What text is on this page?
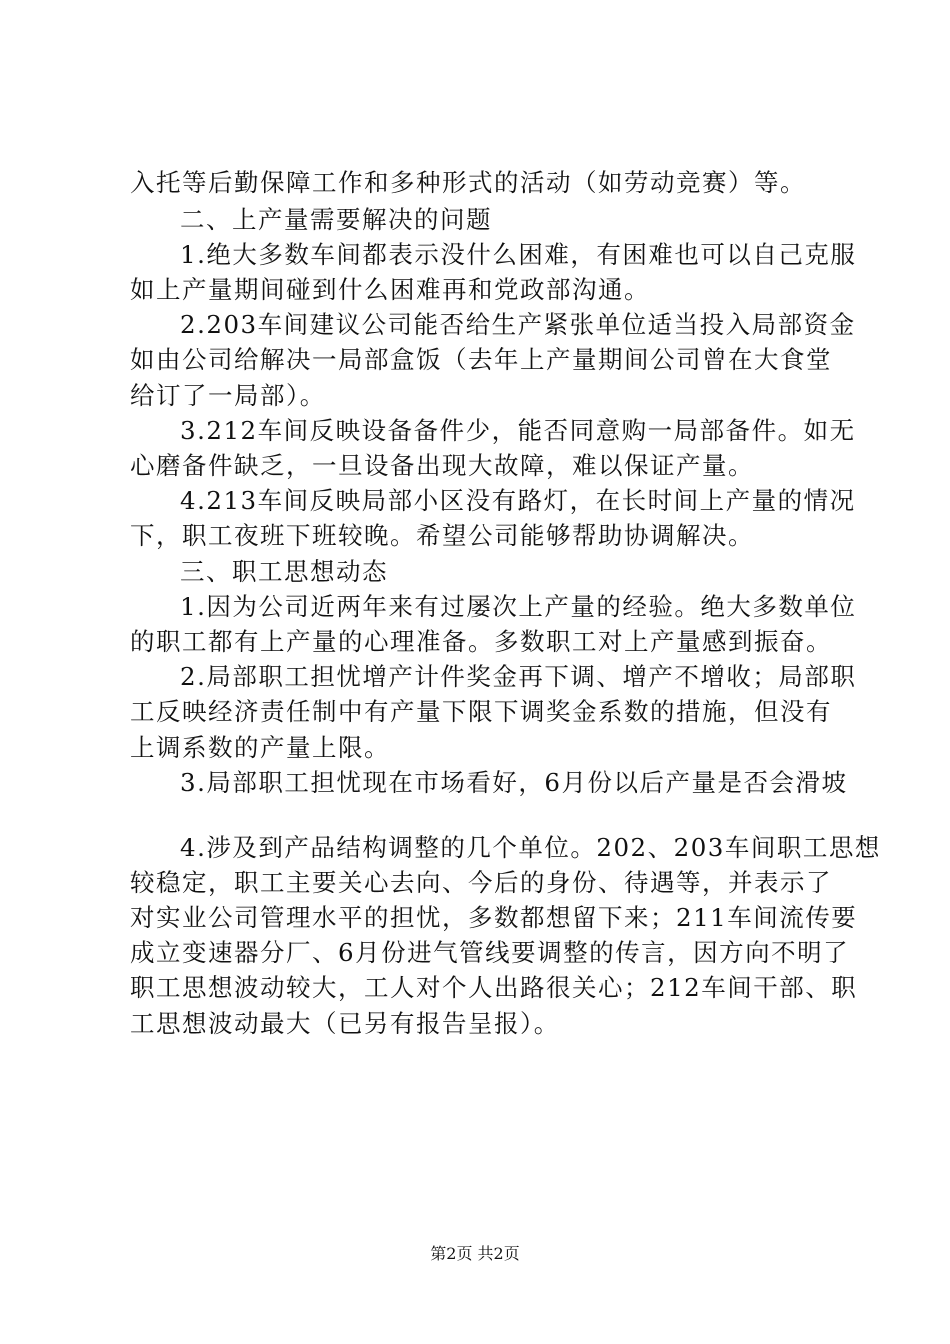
入托等后勤保障工作和多种形式的活动（如劳动竞赛）等。
二、上产量需要解决的问题
1.绝大多数车间都表示没什么困难，有困难也可以自己克服
如上产量期间碰到什么困难再和党政部沟通。
2.203车间建议公司能否给生产紧张单位适当投入局部资金
如由公司给解决一局部盒饭（去年上产量期间公司曾在大食堂
给订了一局部）。
3.212车间反映设备备件少，能否同意购一局部备件。如无
心磨备件缺乏，一旦设备出现大故障，难以保证产量。
4.213车间反映局部小区没有路灯，在长时间上产量的情况
下，职工夜班下班较晚。希望公司能够帮助协调解决。
三、职工思想动态
1.因为公司近两年来有过屡次上产量的经验。绝大多数单位
的职工都有上产量的心理准备。多数职工对上产量感到振奋。
2.局部职工担忧增产计件奖金再下调、增产不增收；局部职
工反映经济责任制中有产量下限下调奖金系数的措施，但没有
上调系数的产量上限。
3.局部职工担忧现在市场看好，6月份以后产量是否会滑坡
4.涉及到产品结构调整的几个单位。202、203车间职工思想
较稳定，职工主要关心去向、今后的身份、待遇等，并表示了
对实业公司管理水平的担忧，多数都想留下来；211车间流传要
成立变速器分厂、6月份进气管线要调整的传言，因方向不明了
职工思想波动较大，工人对个人出路很关心；212车间干部、职
工思想波动最大（已另有报告呈报）。
第2页 共2页
